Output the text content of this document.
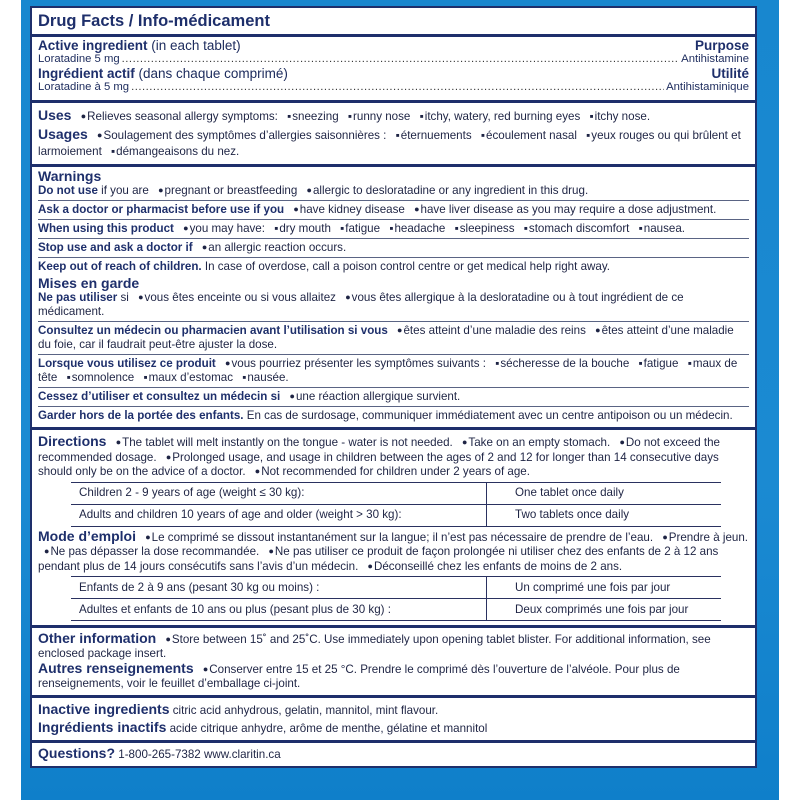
Drug Facts / Info-médicament
Active ingredient (in each tablet)	Purpose
Loratadine 5 mg .....	Antihistamine
Ingrédient actif (dans chaque comprimé)	Utilité
Loratadine à 5 mg .....	Antihistaminique
Uses ● Relieves seasonal allergy symptoms: ▪ sneezing ▪ runny nose ▪ itchy, watery, red burning eyes ▪ itchy nose.
Usages ● Soulagement des symptômes d’allergies saisonnières : ▪ éternuements ▪ écoulement nasal ▪ yeux rouges ou qui brûlent et larmoiement ▪ démangeaisons du nez.
Warnings
Do not use if you are ● pregnant or breastfeeding ● allergic to desloratadine or any ingredient in this drug.
Ask a doctor or pharmacist before use if you ● have kidney disease ● have liver disease as you may require a dose adjustment.
When using this product ● you may have: ▪ dry mouth ▪ fatigue ▪ headache ▪ sleepiness ▪ stomach discomfort ▪ nausea.
Stop use and ask a doctor if ● an allergic reaction occurs.
Keep out of reach of children. In case of overdose, call a poison control centre or get medical help right away.
Mises en garde
Ne pas utiliser si ● vous êtes enceinte ou si vous allaitez ● vous êtes allergique à la desloratadine ou à tout ingrédient de ce médicament.
Consultez un médecin ou pharmacien avant l’utilisation si vous ● êtes atteint d’une maladie des reins ● êtes atteint d’une maladie du foie, car il faudrait peut-être ajuster la dose.
Lorsque vous utilisez ce produit ● vous pourriez présenter les symptômes suivants : ▪ sécheresse de la bouche ▪ fatigue ▪ maux de tête ▪ somnolence ▪ maux d’estomac ▪ nausée.
Cessez d’utiliser et consultez un médecin si ● une réaction allergique survient.
Garder hors de la portée des enfants. En cas de surdosage, communiquer immédiatement avec un centre antipoison ou un médecin.
Directions ● The tablet will melt instantly on the tongue - water is not needed. ● Take on an empty stomach. ● Do not exceed the recommended dosage. ● Prolonged usage, and usage in children between the ages of 2 and 12 for longer than 14 consecutive days should only be on the advice of a doctor. ● Not recommended for children under 2 years of age.
Children 2 - 9 years of age (weight ≤ 30 kg):	One tablet once daily
Adults and children 10 years of age and older (weight > 30 kg):	Two tablets once daily
Mode d’emploi ● Le comprimé se dissout instantanément sur la langue; il n’est pas nécessaire de prendre de l’eau. ● Prendre à jeun. ● Ne pas dépasser la dose recommandée. ● Ne pas utiliser ce produit de façon prolongée ni utiliser chez des enfants de 2 à 12 ans pendant plus de 14 jours consécutifs sans l’avis d’un médecin. ● Déconseillé chez les enfants de moins de 2 ans.
Enfants de 2 à 9 ans (pesant 30 kg ou moins) :	Un comprimé une fois par jour
Adultes et enfants de 10 ans ou plus (pesant plus de 30 kg) :	Deux comprimés une fois par jour
Other information ● Store between 15˚ and 25˚C. Use immediately upon opening tablet blister. For additional information, see enclosed package insert.
Autres renseignements ● Conserver entre 15 et 25 °C. Prendre le comprimé dès l’ouverture de l’alvéole. Pour plus de renseignements, voir le feuillet d’emballage ci-joint.
Inactive ingredients citric acid anhydrous, gelatin, mannitol, mint flavour.
Ingrédients inactifs acide citrique anhydre, arôme de menthe, gélatine et mannitol
Questions? 1-800-265-7382 www.claritin.ca
